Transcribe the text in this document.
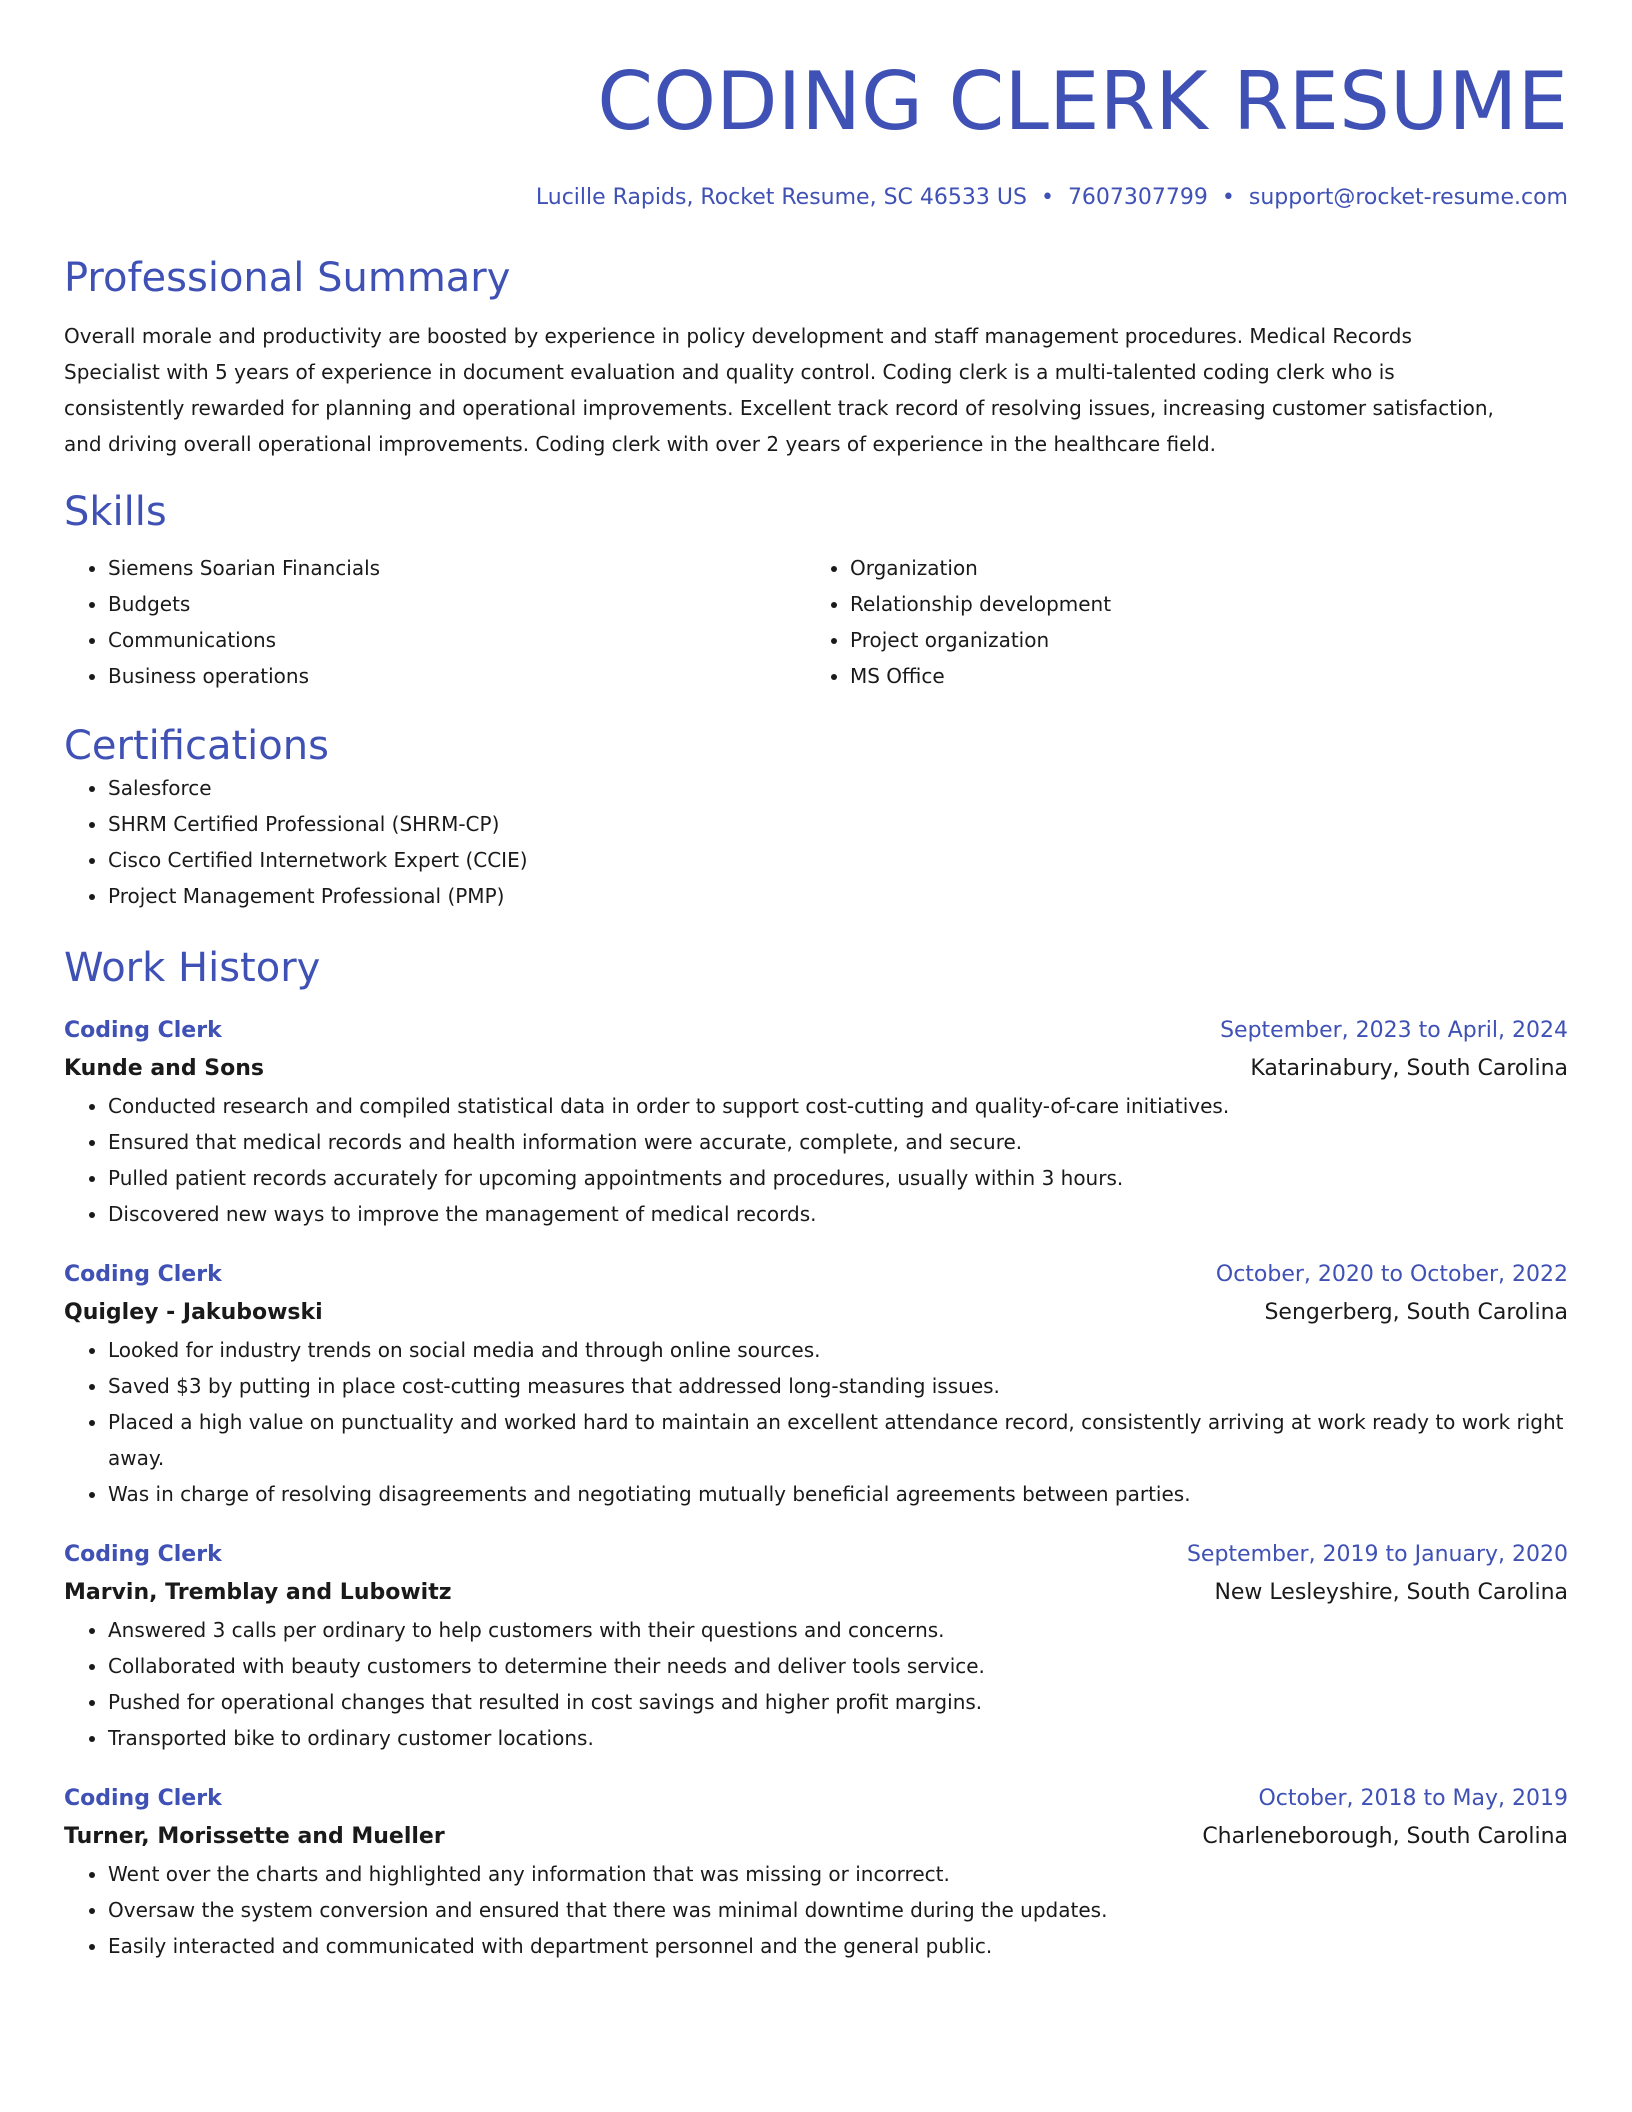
CODING CLERK RESUME
Lucille Rapids, Rocket Resume, SC 46533 US • 7607307799 • support@rocket-resume.com
Professional Summary
Overall morale and productivity are boosted by experience in policy development and staff management procedures. Medical Records Specialist with 5 years of experience in document evaluation and quality control. Coding clerk is a multi-talented coding clerk who is consistently rewarded for planning and operational improvements. Excellent track record of resolving issues, increasing customer satisfaction, and driving overall operational improvements. Coding clerk with over 2 years of experience in the healthcare field.
Skills
• Siemens Soarian Financials
• Budgets
• Communications
• Business operations
• Organization
• Relationship development
• Project organization
• MS Office
Certifications
• Salesforce
• SHRM Certified Professional (SHRM-CP)
• Cisco Certified Internetwork Expert (CCIE)
• Project Management Professional (PMP)
Work History
Coding Clerk	September, 2023 to April, 2024
Kunde and Sons	Katarinabury, South Carolina
• Conducted research and compiled statistical data in order to support cost-cutting and quality-of-care initiatives.
• Ensured that medical records and health information were accurate, complete, and secure.
• Pulled patient records accurately for upcoming appointments and procedures, usually within 3 hours.
• Discovered new ways to improve the management of medical records.
Coding Clerk	October, 2020 to October, 2022
Quigley - Jakubowski	Sengerberg, South Carolina
• Looked for industry trends on social media and through online sources.
• Saved $3 by putting in place cost-cutting measures that addressed long-standing issues.
• Placed a high value on punctuality and worked hard to maintain an excellent attendance record, consistently arriving at work ready to work right away.
• Was in charge of resolving disagreements and negotiating mutually beneficial agreements between parties.
Coding Clerk	September, 2019 to January, 2020
Marvin, Tremblay and Lubowitz	New Lesleyshire, South Carolina
• Answered 3 calls per ordinary to help customers with their questions and concerns.
• Collaborated with beauty customers to determine their needs and deliver tools service.
• Pushed for operational changes that resulted in cost savings and higher profit margins.
• Transported bike to ordinary customer locations.
Coding Clerk	October, 2018 to May, 2019
Turner, Morissette and Mueller	Charleneborough, South Carolina
• Went over the charts and highlighted any information that was missing or incorrect.
• Oversaw the system conversion and ensured that there was minimal downtime during the updates.
• Easily interacted and communicated with department personnel and the general public.
